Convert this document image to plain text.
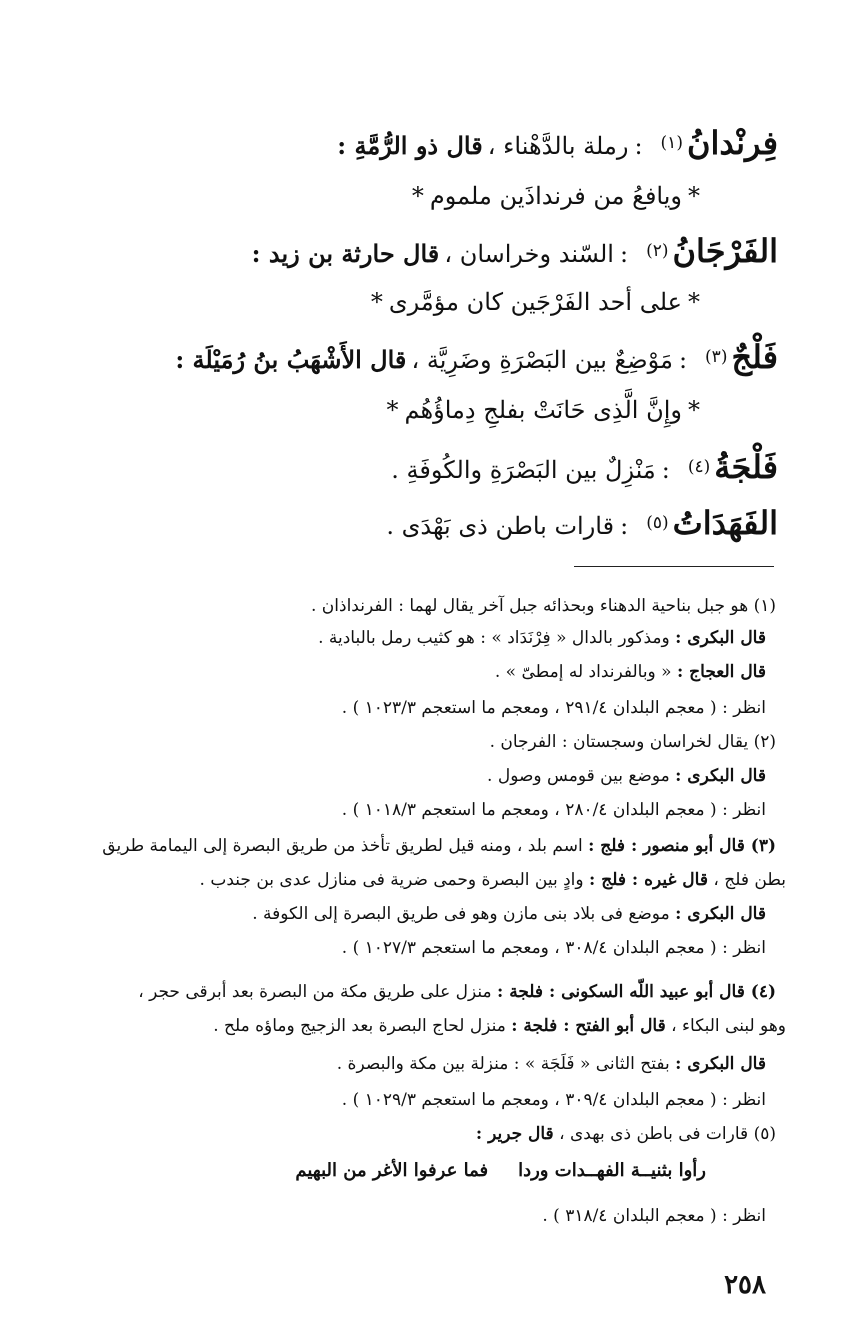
فِرنْدانُ(١):رملة بالدَّهْناء ، قال ذو الرُّمَّةِ :
*ويافعُ من فرنداذَين ملموم*
الفَرْجَانُ(٢):السّند وخراسان ، قال حارثة بن زيد :
*على أحد الفَرْجَين كان مؤمَّرى*
فَلْجٌ(٣):مَوْضِعٌ بين البَصْرَةِ وضَرِيَّة ، قال الأَشْهَبُ بنُ رُمَيْلَة :
*وإِنَّ الَّذِى حَانَتْ بفلجِ دِماؤُهُم*
فَلْجَةُ(٤):مَنْزِلٌ بين البَصْرَةِ والكُوفَةِ .
الفَهَدَاتُ(٥):قارات باطن ذى بَهْدَى .
(١) هو جبل بناحية الدهناء وبحذائه جبل آخر يقال لهما : الفرنداذان .
قال البكرى : ومذكور بالدال « فِرْنَدَاد » : هو كثيب رمل بالبادية .
قال العجاج : « وبالفرنداد له إمطىّ » .
انظر : ( معجم البلدان ٢٩١/٤ ، ومعجم ما استعجم ١٠٢٣/٣ ) .
(٢) يقال لخراسان وسجستان : الفرجان .
قال البكرى : موضع بين قومس وصول .
انظر : ( معجم البلدان ٢٨٠/٤ ، ومعجم ما استعجم ١٠١٨/٣ ) .
(٣) قال أبو منصور : فلج : اسم بلد ، ومنه قيل لطريق تأخذ من طريق البصرة إلى اليمامة طريق
بطن فلج ، قال غيره : فلج : وادٍ بين البصرة وحمى ضرية فى منازل عدى بن جندب .
قال البكرى : موضع فى بلاد بنى مازن وهو فى طريق البصرة إلى الكوفة .
انظر : ( معجم البلدان ٣٠٨/٤ ، ومعجم ما استعجم ١٠٢٧/٣ ) .
(٤) قال أبو عبيد اللّه السكونى : فلجة : منزل على طريق مكة من البصرة بعد أبرقى حجر ،
وهو لبنى البكاء ، قال أبو الفتح : فلجة : منزل لحاج البصرة بعد الزجيج وماؤه ملح .
قال البكرى : بفتح الثانى « فَلَجَة » : منزلة بين مكة والبصرة .
انظر : ( معجم البلدان ٣٠٩/٤ ، ومعجم ما استعجم ١٠٢٩/٣ ) .
(٥) قارات فى باطن ذى بهدى ، قال جرير :
رأوا بثنيــة الفهــدات وردافما عرفوا الأغر من البهيم
انظر : ( معجم البلدان ٣١٨/٤ ) .
٢٥٨
